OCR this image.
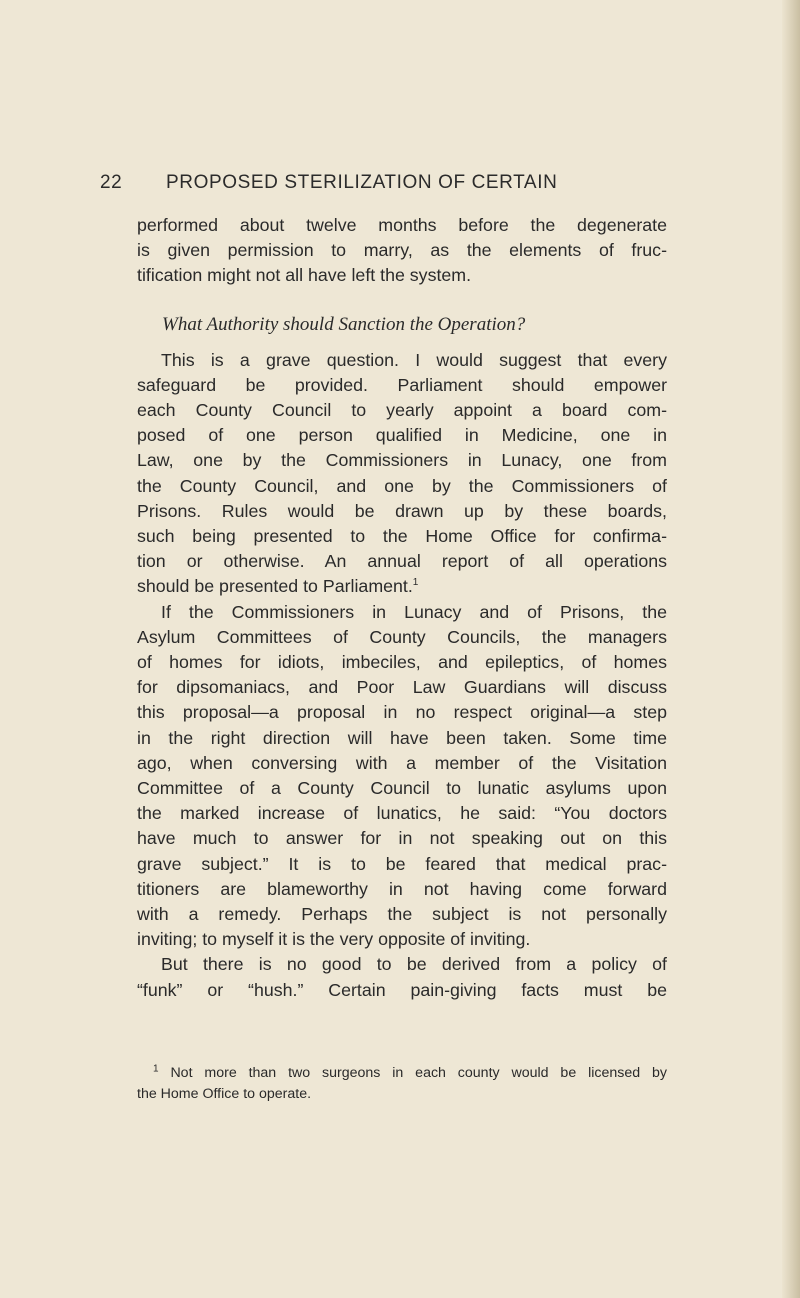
22 PROPOSED STERILIZATION OF CERTAIN

performed about twelve months before the degenerate
is given permission to marry, as the elements of fruc-
tification might not all have left the system.

What Authority should Sanction the Operation?

This is a grave question. I would suggest that every
safeguard be provided. Parliament should empower
each County Council to yearly appoint a board com-
posed of one person qualified in Medicine, one in
Law, one by the Commissioners in Lunacy, one from
the County Council, and one by the Commissioners of
Prisons. Rules would be drawn up by these boards,
such being presented to the Home Office for confirma-
tion or otherwise. An annual report of all operations
should be presented to Parliament.$^1$

If the Commissioners in Lunacy and of Prisons, the
Asylum Committees of County Councils, the managers
of homes for idiots, imbeciles, and epileptics, of homes
for dipsomaniacs, and Poor Law Guardians will discuss
this proposal—a proposal in no respect original—a step
in the right direction will have been taken. Some time
ago, when conversing with a member of the Visitation
Committee of a County Council to lunatic asylums upon
the marked increase of lunatics, he said: “You doctors
have much to answer for in not speaking out on this
grave subject.” It is to be feared that medical prac-
titioners are blameworthy in not having come forward
with a remedy. Perhaps the subject is not personally
inviting; to myself it is the very opposite of inviting.

But there is no good to be derived from a policy of
“funk” or “hush.” Certain pain-giving facts must be

$^1$ Not more than two surgeons in each county would be licensed by
the Home Office to operate.
